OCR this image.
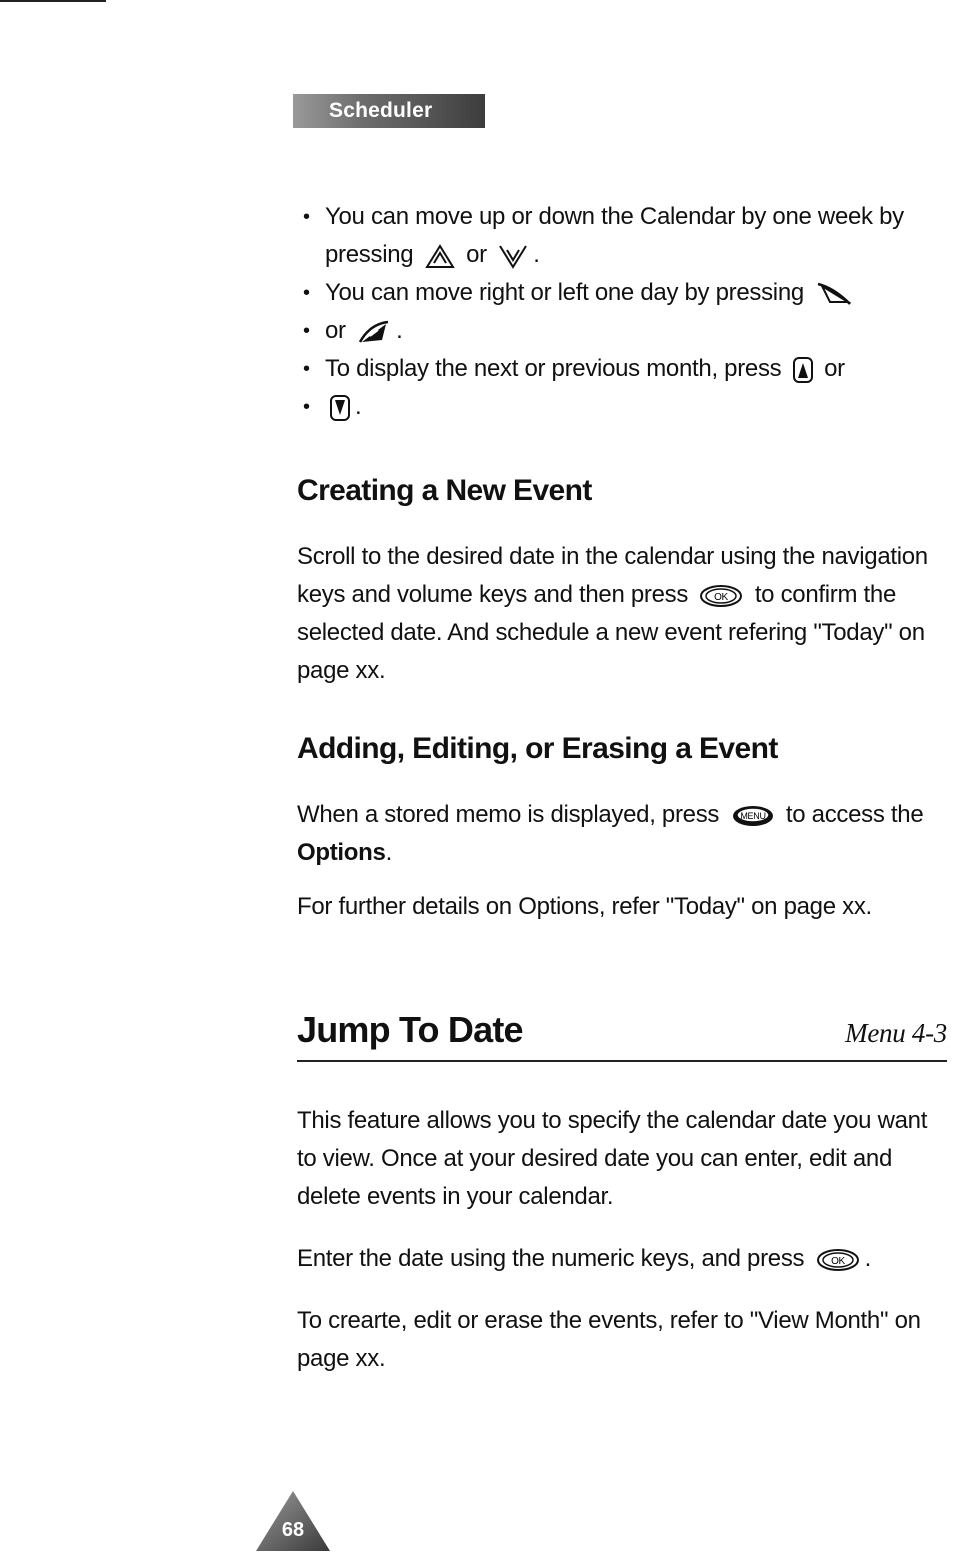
Scheduler
• You can move up or down the Calendar by one week by pressing or .
• You can move right or left one day by pressing
• or .
• To display the next or previous month, press or
• .
Creating a New Event

Scroll to the desired date in the calendar using the navigation keys and volume keys and then press	OK to confirm the selected date. And schedule a new event refering "Today" on page xx.

Adding, Editing, or Erasing a Event

When a stored memo is displayed, press MENU to access the Options.

For further details on Options, refer "Today" on page xx.

Jump To Date	Menu 4-3

This feature allows you to specify the calendar date you want to view. Once at your desired date you can enter, edit and delete events in your calendar.

Enter the date using the numeric keys, and press	OK .

To crearte, edit or erase the events, refer to "View Month" on page xx.

68
